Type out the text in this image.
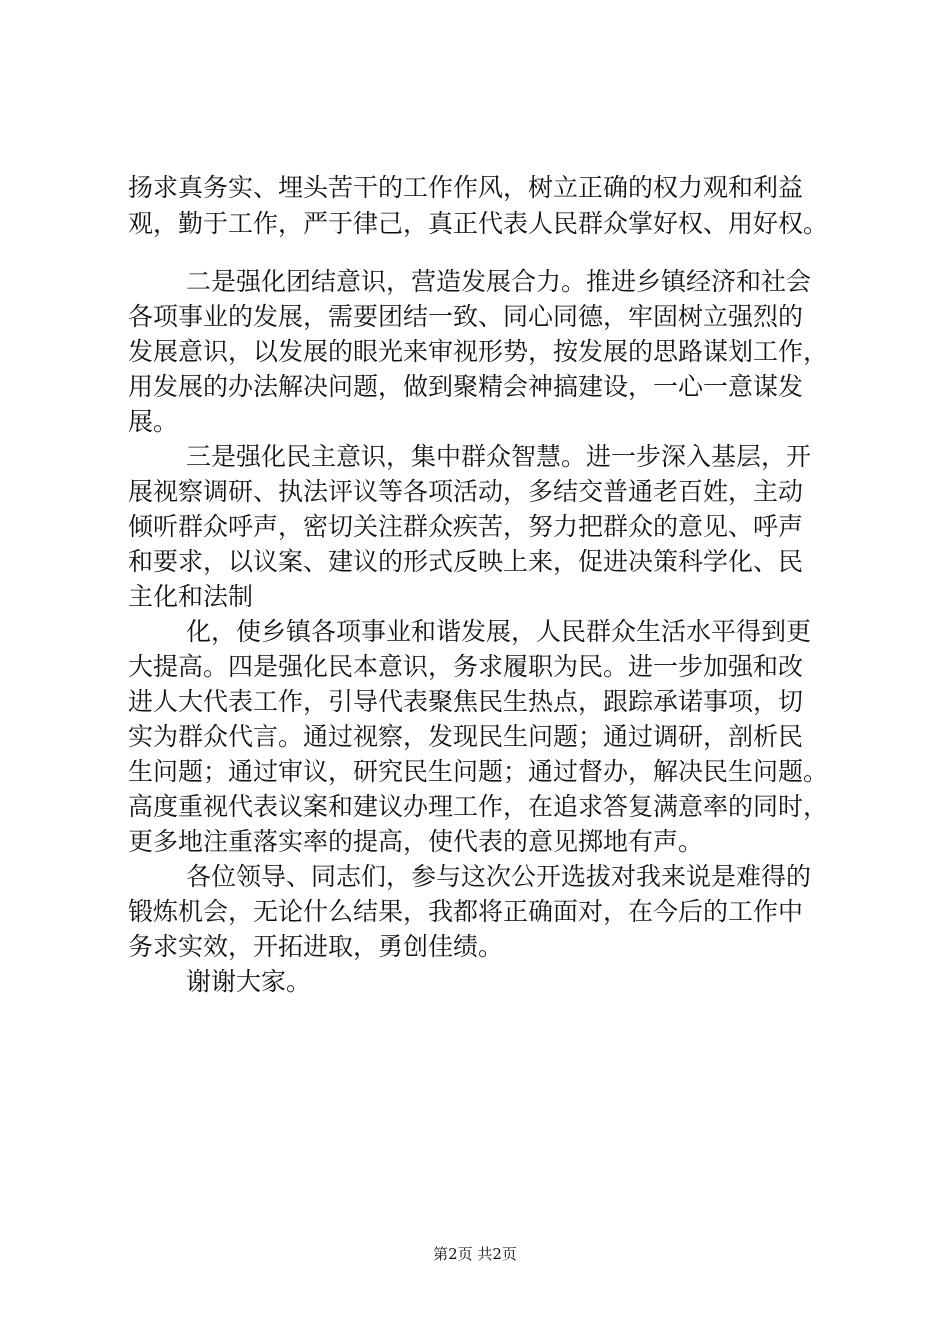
扬求真务实、埋头苦干的工作作风，树立正确的权力观和利益
观，勤于工作，严于律己，真正代表人民群众掌好权、用好权。
二是强化团结意识，营造发展合力。推进乡镇经济和社会
各项事业的发展，需要团结一致、同心同德，牢固树立强烈的
发展意识，以发展的眼光来审视形势，按发展的思路谋划工作，
用发展的办法解决问题，做到聚精会神搞建设，一心一意谋发
展。
三是强化民主意识，集中群众智慧。进一步深入基层，开
展视察调研、执法评议等各项活动，多结交普通老百姓，主动
倾听群众呼声，密切关注群众疾苦，努力把群众的意见、呼声
和要求，以议案、建议的形式反映上来，促进决策科学化、民
主化和法制
化，使乡镇各项事业和谐发展，人民群众生活水平得到更
大提高。四是强化民本意识，务求履职为民。进一步加强和改
进人大代表工作，引导代表聚焦民生热点，跟踪承诺事项，切
实为群众代言。通过视察，发现民生问题；通过调研，剖析民
生问题；通过审议，研究民生问题；通过督办，解决民生问题。
高度重视代表议案和建议办理工作，在追求答复满意率的同时，
更多地注重落实率的提高，使代表的意见掷地有声。
各位领导、同志们，参与这次公开选拔对我来说是难得的
锻炼机会，无论什么结果，我都将正确面对，在今后的工作中
务求实效，开拓进取，勇创佳绩。
谢谢大家。
第2页 共2页
